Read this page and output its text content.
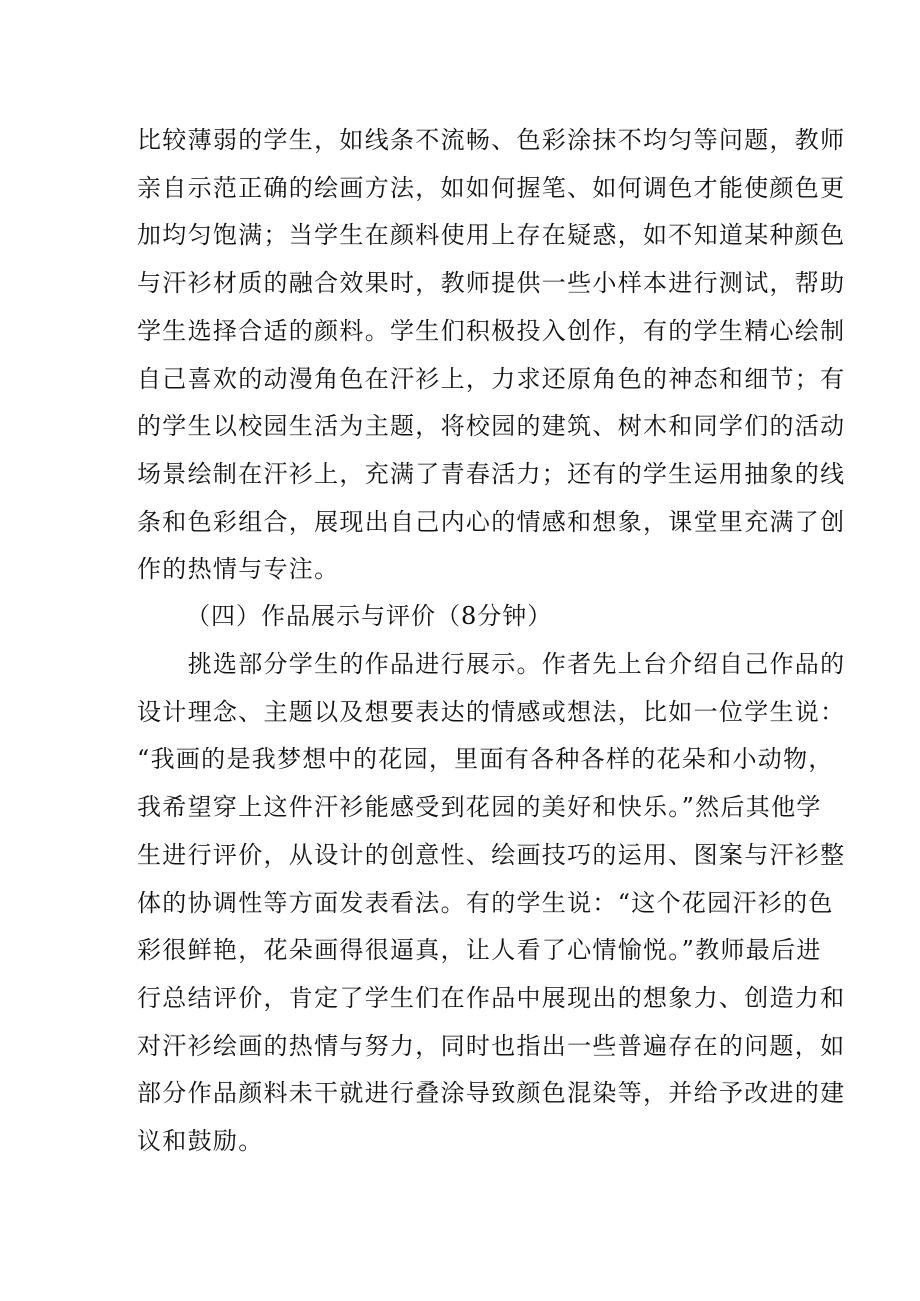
比较薄弱的学生，如线条不流畅、色彩涂抹不均匀等问题，教师
亲自示范正确的绘画方法，如如何握笔、如何调色才能使颜色更
加均匀饱满；当学生在颜料使用上存在疑惑，如不知道某种颜色
与汗衫材质的融合效果时，教师提供一些小样本进行测试，帮助
学生选择合适的颜料。学生们积极投入创作，有的学生精心绘制
自己喜欢的动漫角色在汗衫上，力求还原角色的神态和细节；有
的学生以校园生活为主题，将校园的建筑、树木和同学们的活动
场景绘制在汗衫上，充满了青春活力；还有的学生运用抽象的线
条和色彩组合，展现出自己内心的情感和想象，课堂里充满了创
作的热情与专注。
（四）作品展示与评价（8分钟）
　　挑选部分学生的作品进行展示。作者先上台介绍自己作品的
设计理念、主题以及想要表达的情感或想法，比如一位学生说：
“我画的是我梦想中的花园，里面有各种各样的花朵和小动物，
我希望穿上这件汗衫能感受到花园的美好和快乐。”然后其他学
生进行评价，从设计的创意性、绘画技巧的运用、图案与汗衫整
体的协调性等方面发表看法。有的学生说：“这个花园汗衫的色
彩很鲜艳，花朵画得很逼真，让人看了心情愉悦。”教师最后进
行总结评价，肯定了学生们在作品中展现出的想象力、创造力和
对汗衫绘画的热情与努力，同时也指出一些普遍存在的问题，如
部分作品颜料未干就进行叠涂导致颜色混染等，并给予改进的建
议和鼓励。
